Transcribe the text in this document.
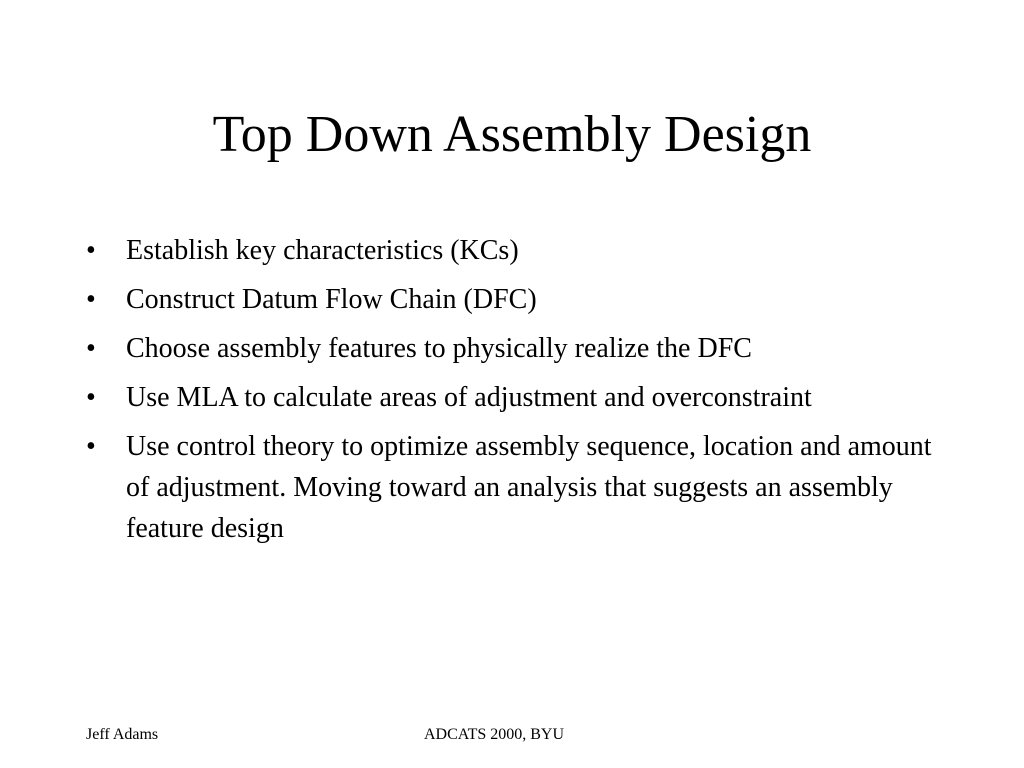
Top Down Assembly Design
• Establish key characteristics (KCs)
• Construct Datum Flow Chain (DFC)
• Choose assembly features to physically realize the DFC
• Use MLA to calculate areas of adjustment and overconstraint
• Use control theory to optimize assembly sequence, location and amount of adjustment. Moving toward an analysis that suggests an assembly feature design
Jeff Adams	ADCATS 2000, BYU
